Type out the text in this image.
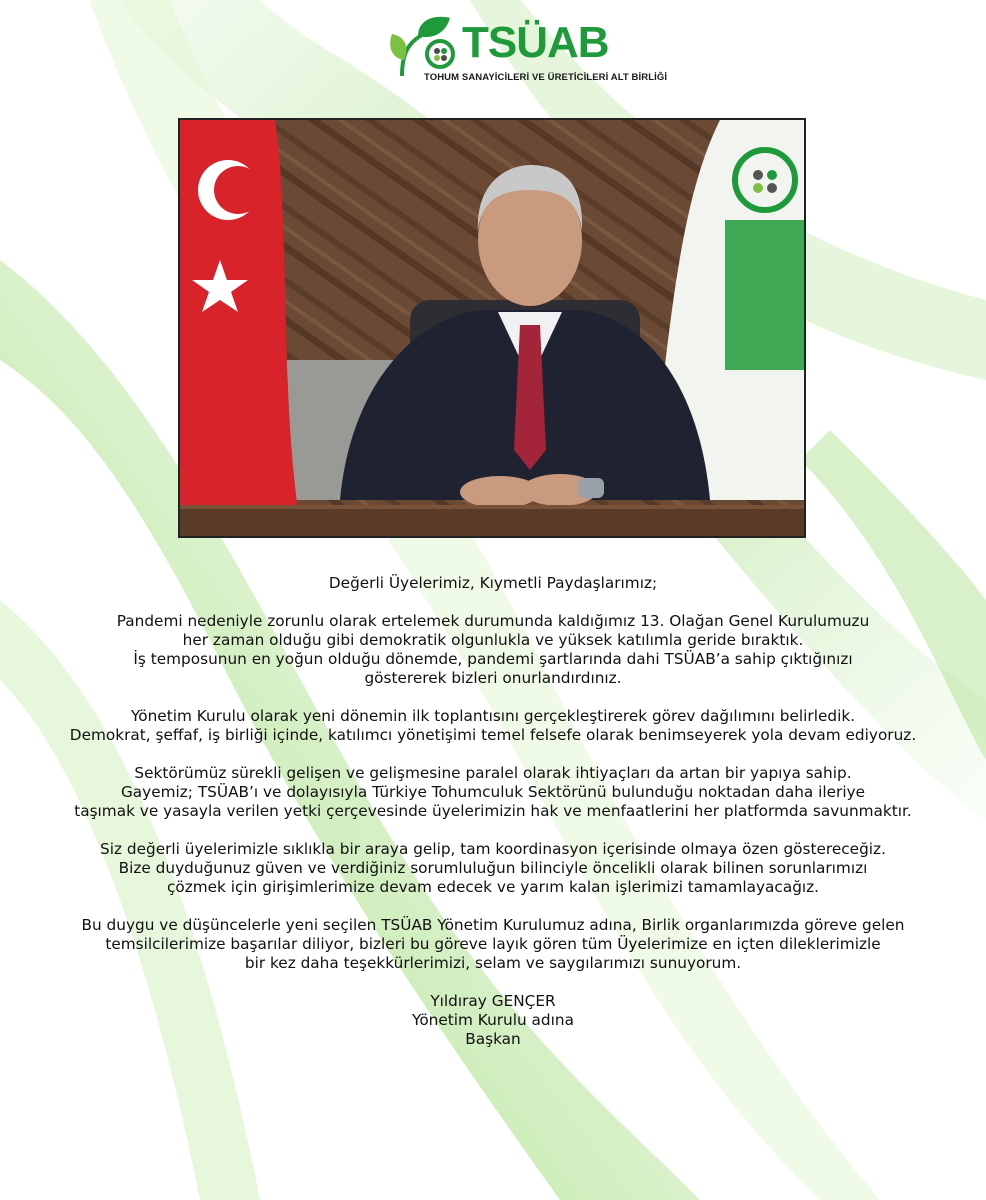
TSÜAB
TOHUM SANAYİCİLERİ VE ÜRETİCİLERİ ALT BİRLİĞİ

Değerli Üyelerimiz, Kıymetli Paydaşlarımız;

Pandemi nedeniyle zorunlu olarak ertelemek durumunda kaldığımız 13. Olağan Genel Kurulumuzu
her zaman olduğu gibi demokratik olgunlukla ve yüksek katılımla geride bıraktık.
İş temposunun en yoğun olduğu dönemde, pandemi şartlarında dahi TSÜAB’a sahip çıktığınızı
göstererek bizleri onurlandırdınız.

Yönetim Kurulu olarak yeni dönemin ilk toplantısını gerçekleştirerek görev dağılımını belirledik.
Demokrat, şeffaf, iş birliği içinde, katılımcı yönetişimi temel felsefe olarak benimseyerek yola devam ediyoruz.

Sektörümüz sürekli gelişen ve gelişmesine paralel olarak ihtiyaçları da artan bir yapıya sahip.
Gayemiz; TSÜAB’ı ve dolayısıyla Türkiye Tohumculuk Sektörünü bulunduğu noktadan daha ileriye
taşımak ve yasayla verilen yetki çerçevesinde üyelerimizin hak ve menfaatlerini her platformda savunmaktır.

Siz değerli üyelerimizle sıklıkla bir araya gelip, tam koordinasyon içerisinde olmaya özen göstereceğiz.
Bize duyduğunuz güven ve verdiğiniz sorumluluğun bilinciyle öncelikli olarak bilinen sorunlarımızı
çözmek için girişimlerimize devam edecek ve yarım kalan işlerimizi tamamlayacağız.

Bu duygu ve düşüncelerle yeni seçilen TSÜAB Yönetim Kurulumuz adına, Birlik organlarımızda göreve gelen
temsilcilerimize başarılar diliyor, bizleri bu göreve layık gören tüm Üyelerimize en içten dileklerimizle
bir kez daha teşekkürlerimizi, selam ve saygılarımızı sunuyorum.

Yıldıray GENÇER
Yönetim Kurulu adına
Başkan
